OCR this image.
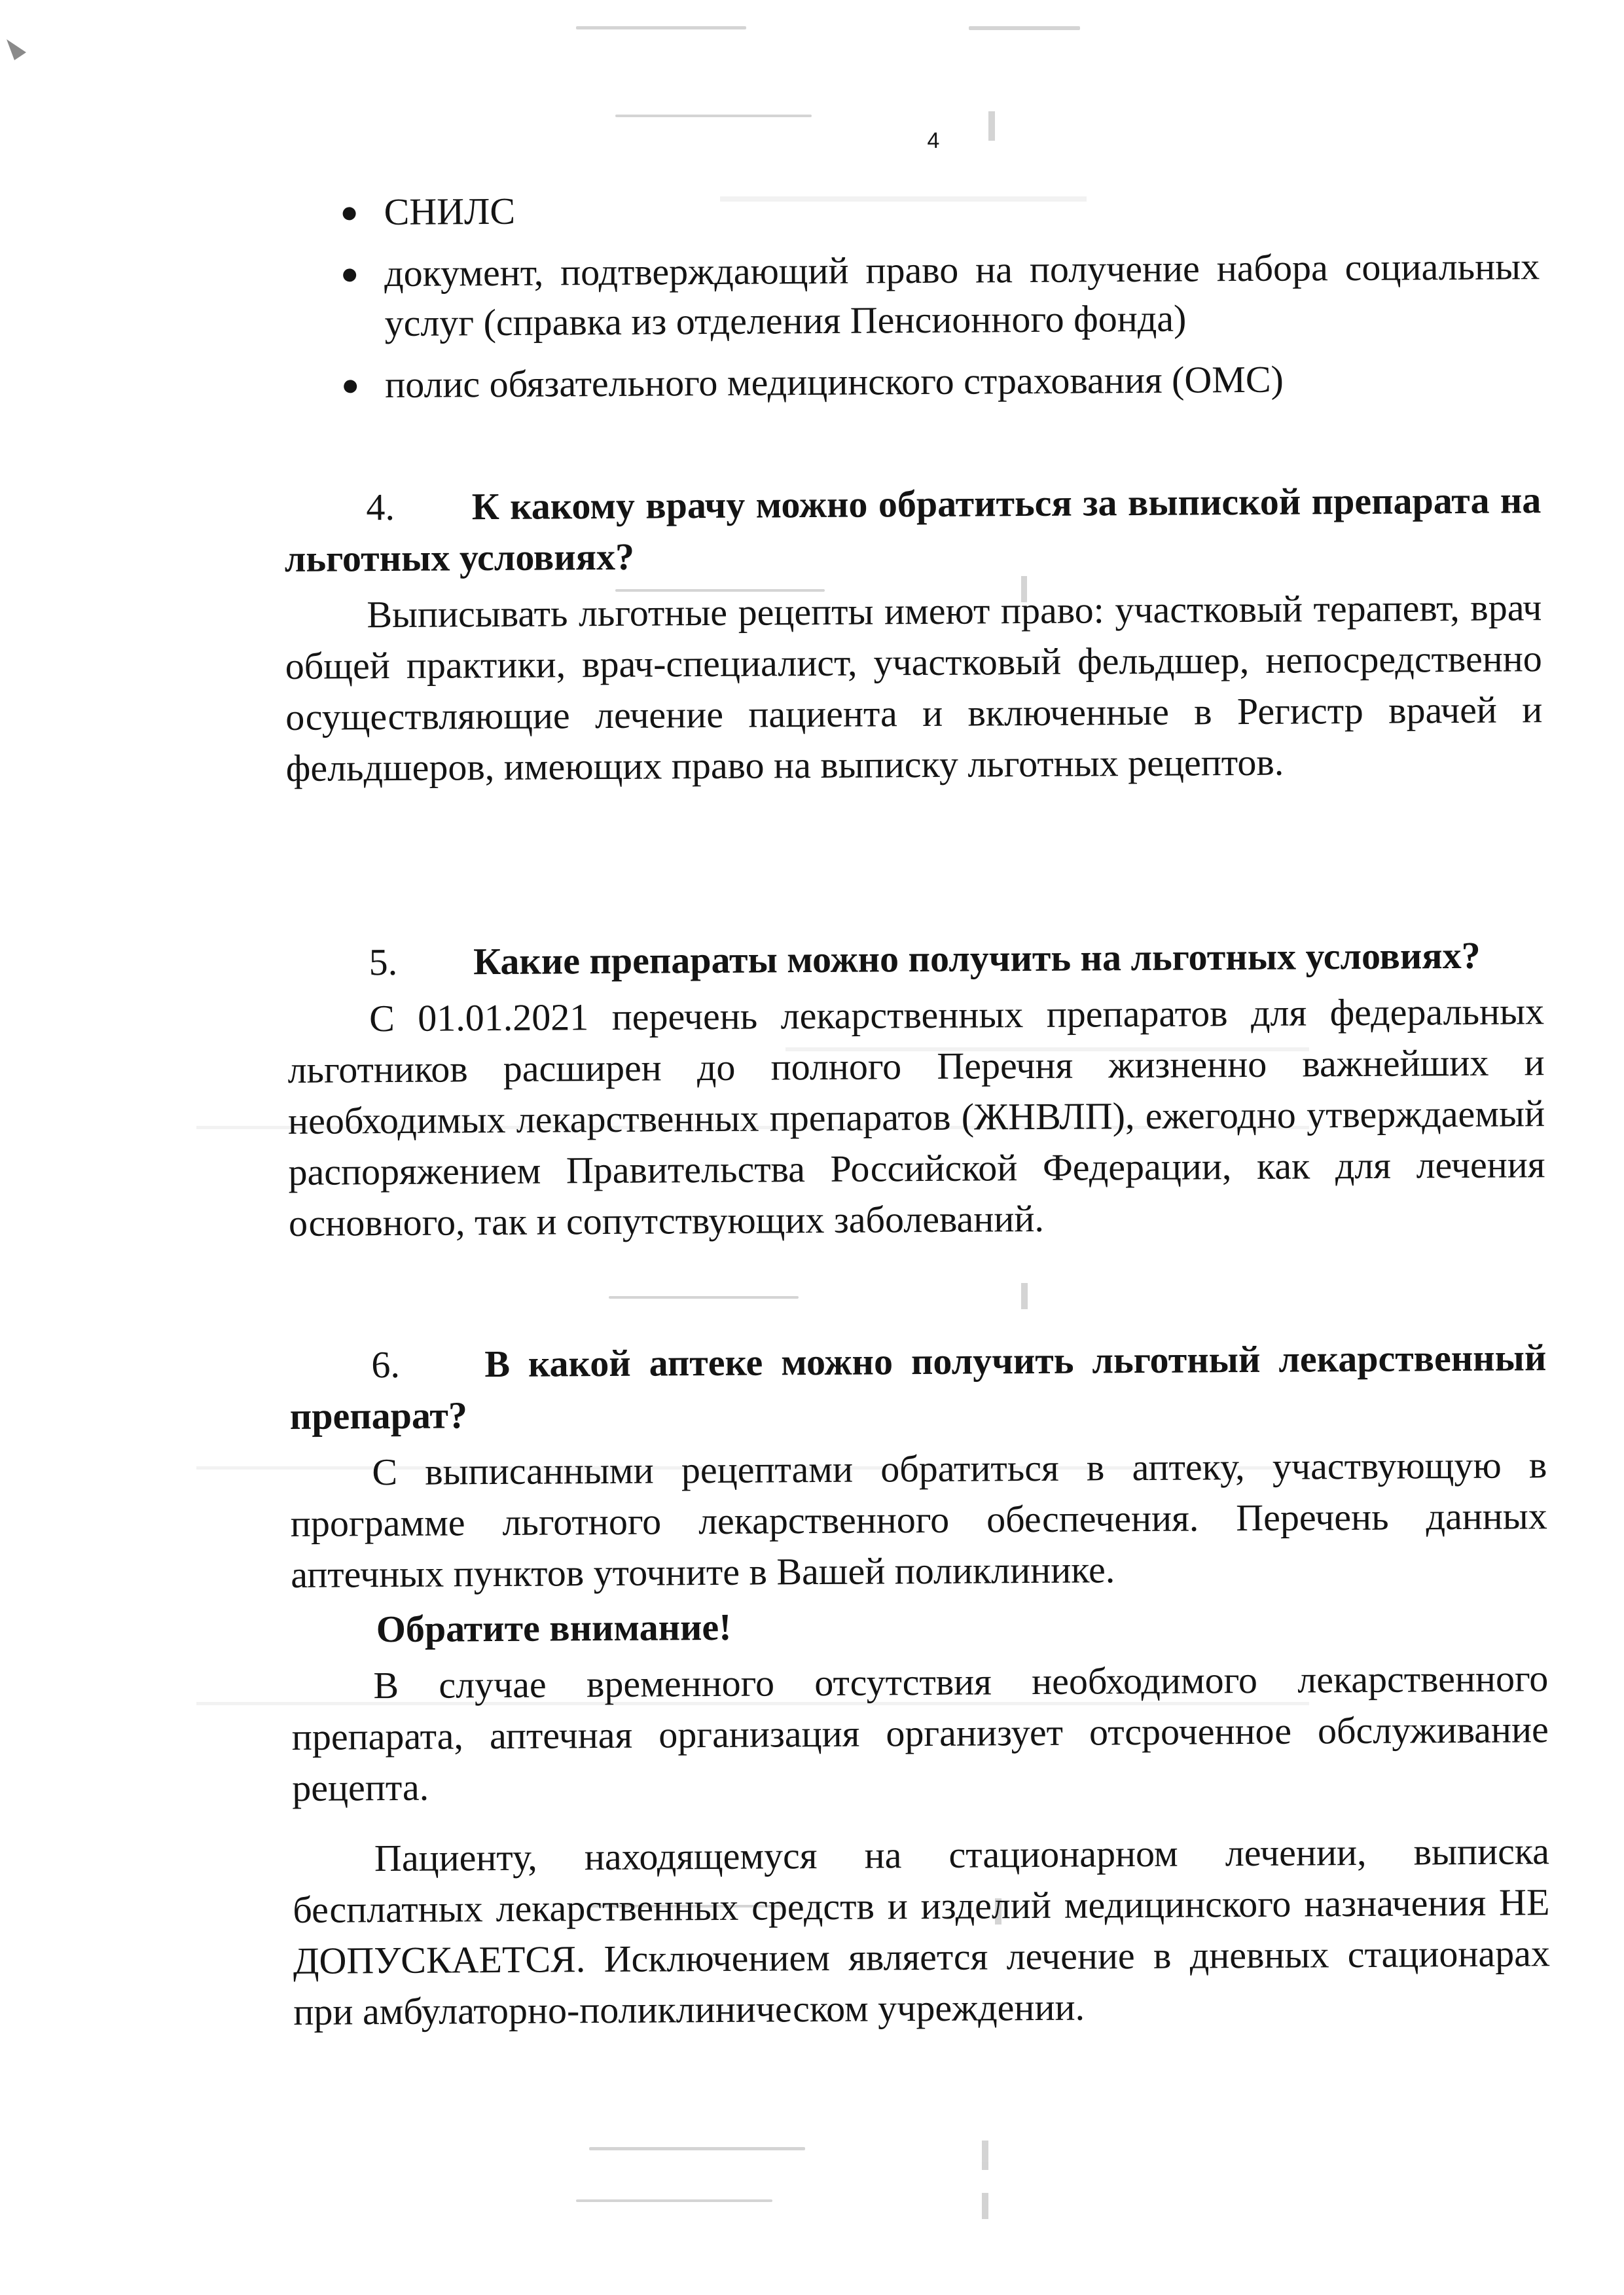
4
СНИЛС
документ, подтверждающий право на получение набора социальных услуг (справка из отделения Пенсионного фонда)
полис обязательного медицинского страхования (ОМС)

4. К какому врачу можно обратиться за выпиской препарата на льготных условиях?

Выписывать льготные рецепты имеют право: участковый терапевт, врач общей практики, врач-специалист, участковый фельдшер, непосредственно осуществляющие лечение пациента и включенные в Регистр врачей и фельдшеров, имеющих право на выписку льготных рецептов.

5. Какие препараты можно получить на льготных условиях?

С 01.01.2021 перечень лекарственных препаратов для федеральных льготников расширен до полного Перечня жизненно важнейших и необходимых лекарственных препаратов (ЖНВЛП), ежегодно утверждаемый распоряжением Правительства Российской Федерации, как для лечения основного, так и сопутствующих заболеваний.

6. В какой аптеке можно получить льготный лекарственный препарат?

С выписанными рецептами обратиться в аптеку, участвующую в программе льготного лекарственного обеспечения. Перечень данных аптечных пунктов уточните в Вашей поликлинике.

Обратите внимание!

В случае временного отсутствия необходимого лекарственного препарата, аптечная организация организует отсроченное обслуживание рецепта.

Пациенту, находящемуся на стационарном лечении, выписка бесплатных лекарственных средств и изделий медицинского назначения НЕ ДОПУСКАЕТСЯ. Исключением является лечение в дневных стационарах при амбулаторно-поликлиническом учреждении.
